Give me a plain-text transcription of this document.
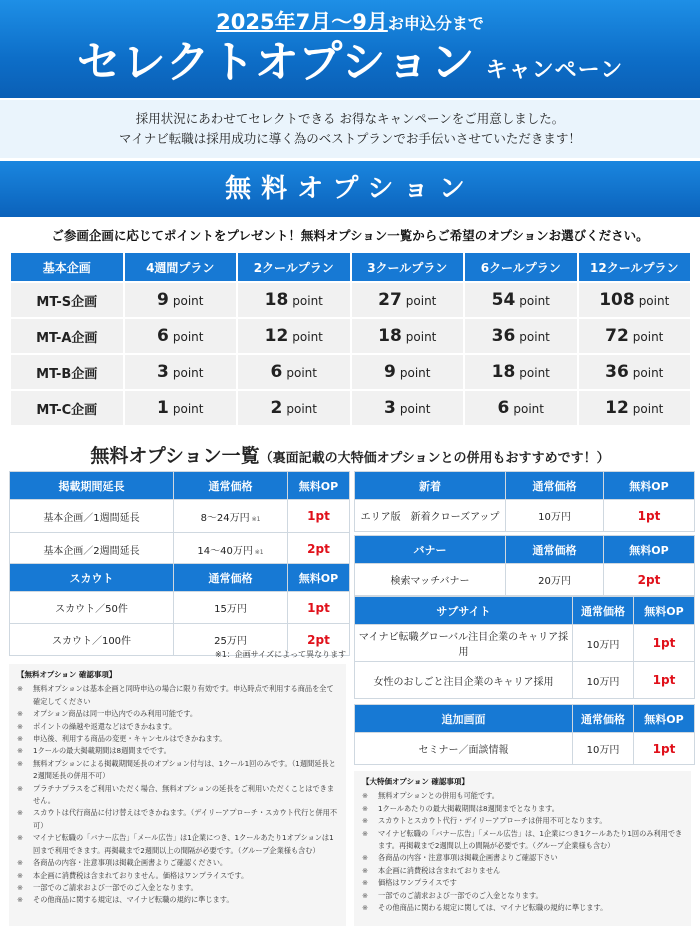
2025年7月～9月お申込分まで
セレクトオプション キャンペーン
採用状況にあわせてセレクトできる お得なキャンペーンをご用意しました。
マイナビ転職は採用成功に導く為のベストプランでお手伝いさせていただきます！
無料オプション
ご参画企画に応じてポイントをプレゼント！無料オプション一覧からご希望のオプションお選びください。
基本企画	4週間プラン	2クールプラン	3クールプラン	6クールプラン	12クールプラン
MT-S企画	9 point	18 point	27 point	54 point	108 point
MT-A企画	6 point	12 point	18 point	36 point	72 point
MT-B企画	3 point	6 point	9 point	18 point	36 point
MT-C企画	1 point	2 point	3 point	6 point	12 point
無料オプション一覧（裏面記載の大特価オプションとの併用もおすすめです！）
掲載期間延長	通常価格	無料OP
基本企画／1週間延長	8～24万円 ※1	1pt
基本企画／2週間延長	14～40万円 ※1	2pt
スカウト	通常価格	無料OP
スカウト／50件	15万円	1pt
スカウト／100件	25万円	2pt
新着	通常価格	無料OP
エリア版　新着クローズアップ	10万円	1pt
バナー	通常価格	無料OP
検索マッチバナー	20万円	2pt
サブサイト	通常価格	無料OP
マイナビ転職グローバル注目企業のキャリア採用	10万円	1pt
女性のおしごと注目企業のキャリア採用	10万円	1pt
追加画面	通常価格	無料OP
セミナー／面談情報	10万円	1pt
※1：企画サイズによって異なります
【無料オプション 確認事項】
※ 無料オプションは基本企画と同時申込の場合に限り有効です。申込時点で利用する商品を全て確定してください
※ オプション商品は同一申込内でのみ利用可能です。
※ ポイントの繰越や返還などはできかねます。
※ 申込後、利用する商品の変更・キャンセルはできかねます。
※ 1クールの最大掲載期間は8週間までです。
※ 無料オプションによる掲載期間延長のオプション付与は、1クール1回のみです。（1週間延長と2週間延長の併用不可）
※ プラチナプラスをご利用いただく場合、無料オプションの延長をご利用いただくことはできません。
※ スカウトは代行商品に付け替えはできかねます。（デイリーアプローチ・スカウト代行と併用不可）
※ マイナビ転職の「バナー広告」「メール広告」は1企業につき、1クールあたり1オプションは1回まで利用できます。再掲載まで2週間以上の間隔が必要です。（グループ企業様も含む）
※ 各商品の内容・注意事項は掲載企画書よりご確認ください。
※ 本企画に消費税は含まれておりません。価格はワンプライスです。
※ 一部でのご請求および一部でのご入金となります。
※ その他商品に関する規定は、マイナビ転職の規約に準じます。
【大特価オプション 確認事項】
※ 無料オプションとの併用も可能です。
※ 1クールあたりの最大掲載期間は8週間までとなります。
※ スカウトとスカウト代行・デイリーアプローチは併用不可となります。
※ マイナビ転職の「バナー広告」「メール広告」は、1企業につき1クールあたり1回のみ利用できます。再掲載まで2週間以上の間隔が必要です。（グループ企業様も含む）
※ 各商品の内容・注意事項は掲載企画書よりご確認下さい
※ 本企画に消費税は含まれておりません
※ 価格はワンプライスです
※ 一部でのご請求および一部でのご入金となります。
※ その他商品に関わる規定に関しては、マイナビ転職の規約に準じます。
